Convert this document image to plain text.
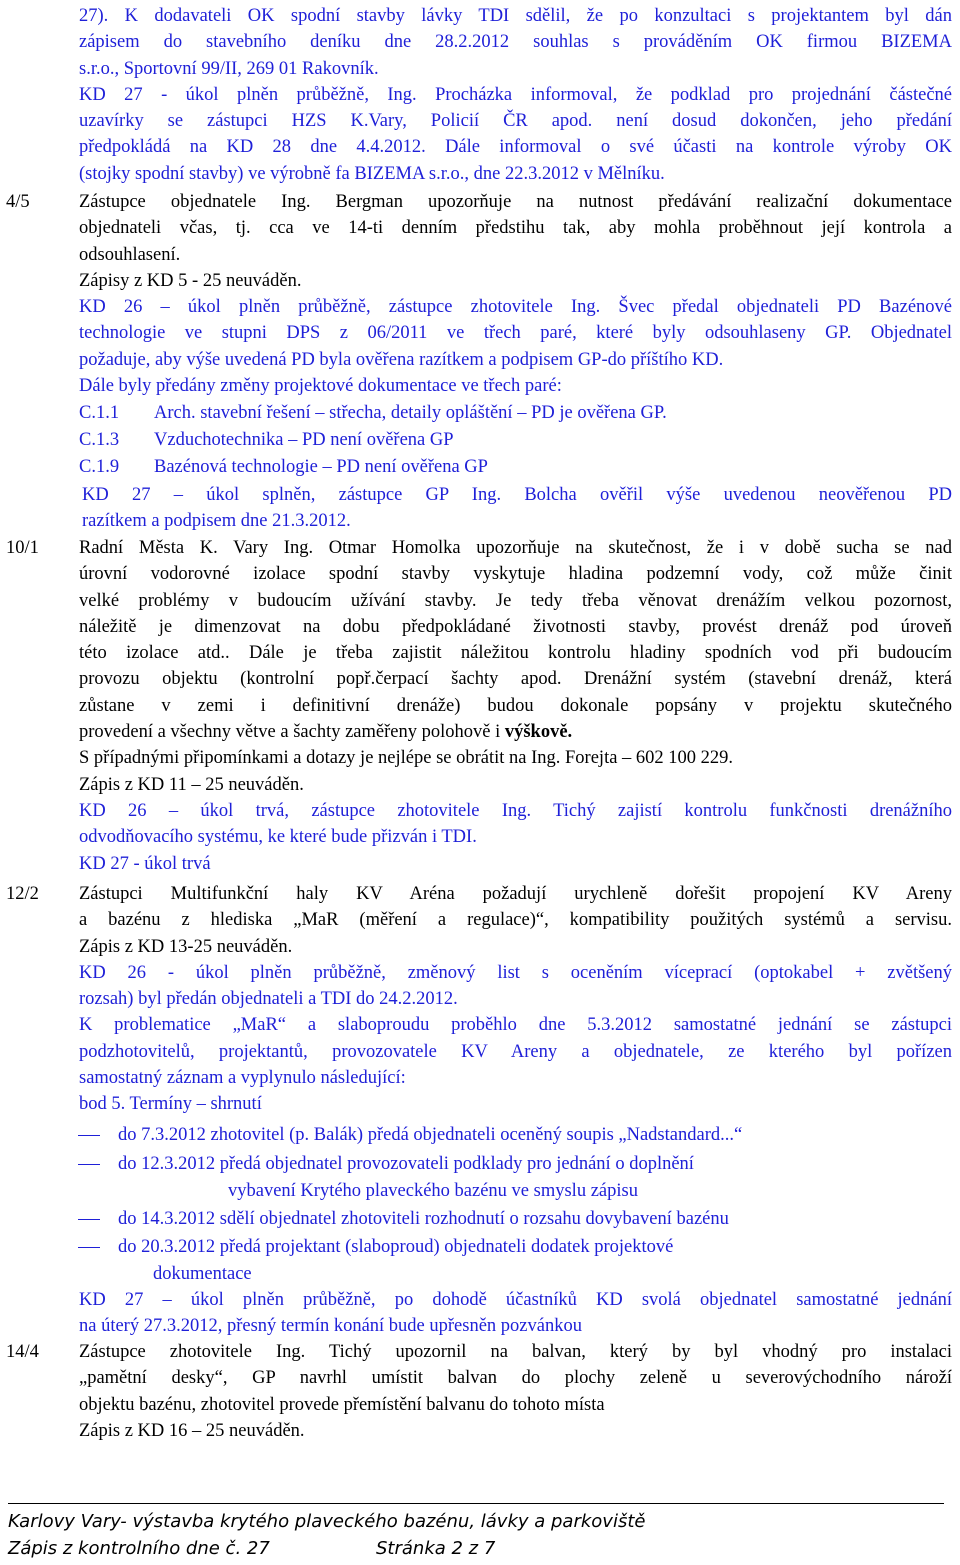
27). K dodavateli OK spodní stavby lávky TDI sdělil, že po konzultaci s projektantem byl dán
zápisem do stavebního deníku dne 28.2.2012 souhlas s prováděním OK firmou BIZEMA
s.r.o., Sportovní 99/II, 269 01 Rakovník.
KD 27 - úkol plněn průběžně, Ing. Procházka informoval, že podklad pro projednání částečné
uzavírky se zástupci HZS K.Vary, Policií ČR apod. není dosud dokončen, jeho předání
předpokládá na KD 28 dne 4.4.2012. Dále informoval o své účasti na kontrole výroby OK
(stojky spodní stavby) ve výrobně fa BIZEMA s.r.o., dne 22.3.2012 v Mělníku.
4/5	Zástupce objednatele Ing. Bergman upozorňuje na nutnost předávání realizační dokumentace
objednateli včas, tj. cca ve 14-ti denním předstihu tak, aby mohla proběhnout její kontrola a
odsouhlasení.
Zápisy z KD 5 - 25 neuváděn.
KD 26 – úkol plněn průběžně, zástupce zhotovitele Ing. Švec předal objednateli PD Bazénové
technologie ve stupni DPS z 06/2011 ve třech paré, které byly odsouhlaseny GP. Objednatel
požaduje, aby výše uvedená PD byla ověřena razítkem a podpisem GP-do příštího KD.
Dále byly předány změny projektové dokumentace ve třech paré:
C.1.1 Arch. stavební řešení – střecha, detaily opláštění – PD je ověřena GP.
C.1.3 Vzduchotechnika – PD není ověřena GP
C.1.9 Bazénová technologie – PD není ověřena GP
KD 27 – úkol splněn, zástupce GP Ing. Bolcha ověřil výše uvedenou neověřenou PD
razítkem a podpisem dne 21.3.2012.
10/1 Radní Města K. Vary Ing. Otmar Homolka upozorňuje na skutečnost, že i v době sucha se nad
úrovní vodorovné izolace spodní stavby vyskytuje hladina podzemní vody, což může činit
velké problémy v budoucím užívání stavby. Je tedy třeba věnovat drenážím velkou pozornost,
náležitě je dimenzovat na dobu předpokládané životnosti stavby, provést drenáž pod úroveň
této izolace atd.. Dále je třeba zajistit náležitou kontrolu hladiny spodních vod při budoucím
provozu objektu (kontrolní popř.čerpací šachty apod. Drenážní systém (stavební drenáž, která
zůstane v zemi i definitivní drenáže) budou dokonale popsány v projektu skutečného
provedení a všechny větve a šachty zaměřeny polohově i výškově.
S případnými připomínkami a dotazy je nejlépe se obrátit na Ing. Forejta – 602 100 229.
Zápis z KD 11 – 25 neuváděn.
KD 26 – úkol trvá, zástupce zhotovitele Ing. Tichý zajistí kontrolu funkčnosti drenážního
odvodňovacího systému, ke které bude přizván i TDI.
KD 27 - úkol trvá
12/2 Zástupci Multifunkční haly KV Aréna požadují urychleně dořešit propojení KV Areny
a bazénu z hlediska „MaR (měření a regulace)“, kompatibility použitých systémů a servisu.
Zápis z KD 13-25 neuváděn.
KD 26 - úkol plněn průběžně, změnový list s oceněním víceprací (optokabel + zvětšený
rozsah) byl předán objednateli a TDI do 24.2.2012.
K problematice „MaR“ a slaboproudu proběhlo dne 5.3.2012 samostatné jednání se zástupci
podzhotovitelů, projektantů, provozovatele KV Areny a objednatele, ze kterého byl pořízen
samostatný záznam a vyplynulo následující:
bod 5. Termíny – shrnutí
do 7.3.2012 zhotovitel (p. Balák) předá objednateli oceněný soupis „Nadstandard...“
do 12.3.2012 předá objednatel provozovateli podklady pro jednání o doplnění
vybavení Krytého plaveckého bazénu ve smyslu zápisu
do 14.3.2012 sdělí objednatel zhotoviteli rozhodnutí o rozsahu dovybavení bazénu
do 20.3.2012 předá projektant (slaboproud) objednateli dodatek projektové
dokumentace
KD 27 – úkol plněn průběžně, po dohodě účastníků KD svolá objednatel samostatné jednání
na úterý 27.3.2012, přesný termín konání bude upřesněn pozvánkou
14/4 Zástupce zhotovitele Ing. Tichý upozornil na balvan, který by byl vhodný pro instalaci
„pamětní desky“, GP navrhl umístit balvan do plochy zeleně u severovýchodního nároží
objektu bazénu, zhotovitel provede přemístění balvanu do tohoto místa
Zápis z KD 16 – 25 neuváděn.
Karlovy Vary- výstavba krytého plaveckého bazénu, lávky a parkoviště
Zápis z kontrolního dne č. 27	Stránka 2 z 7
